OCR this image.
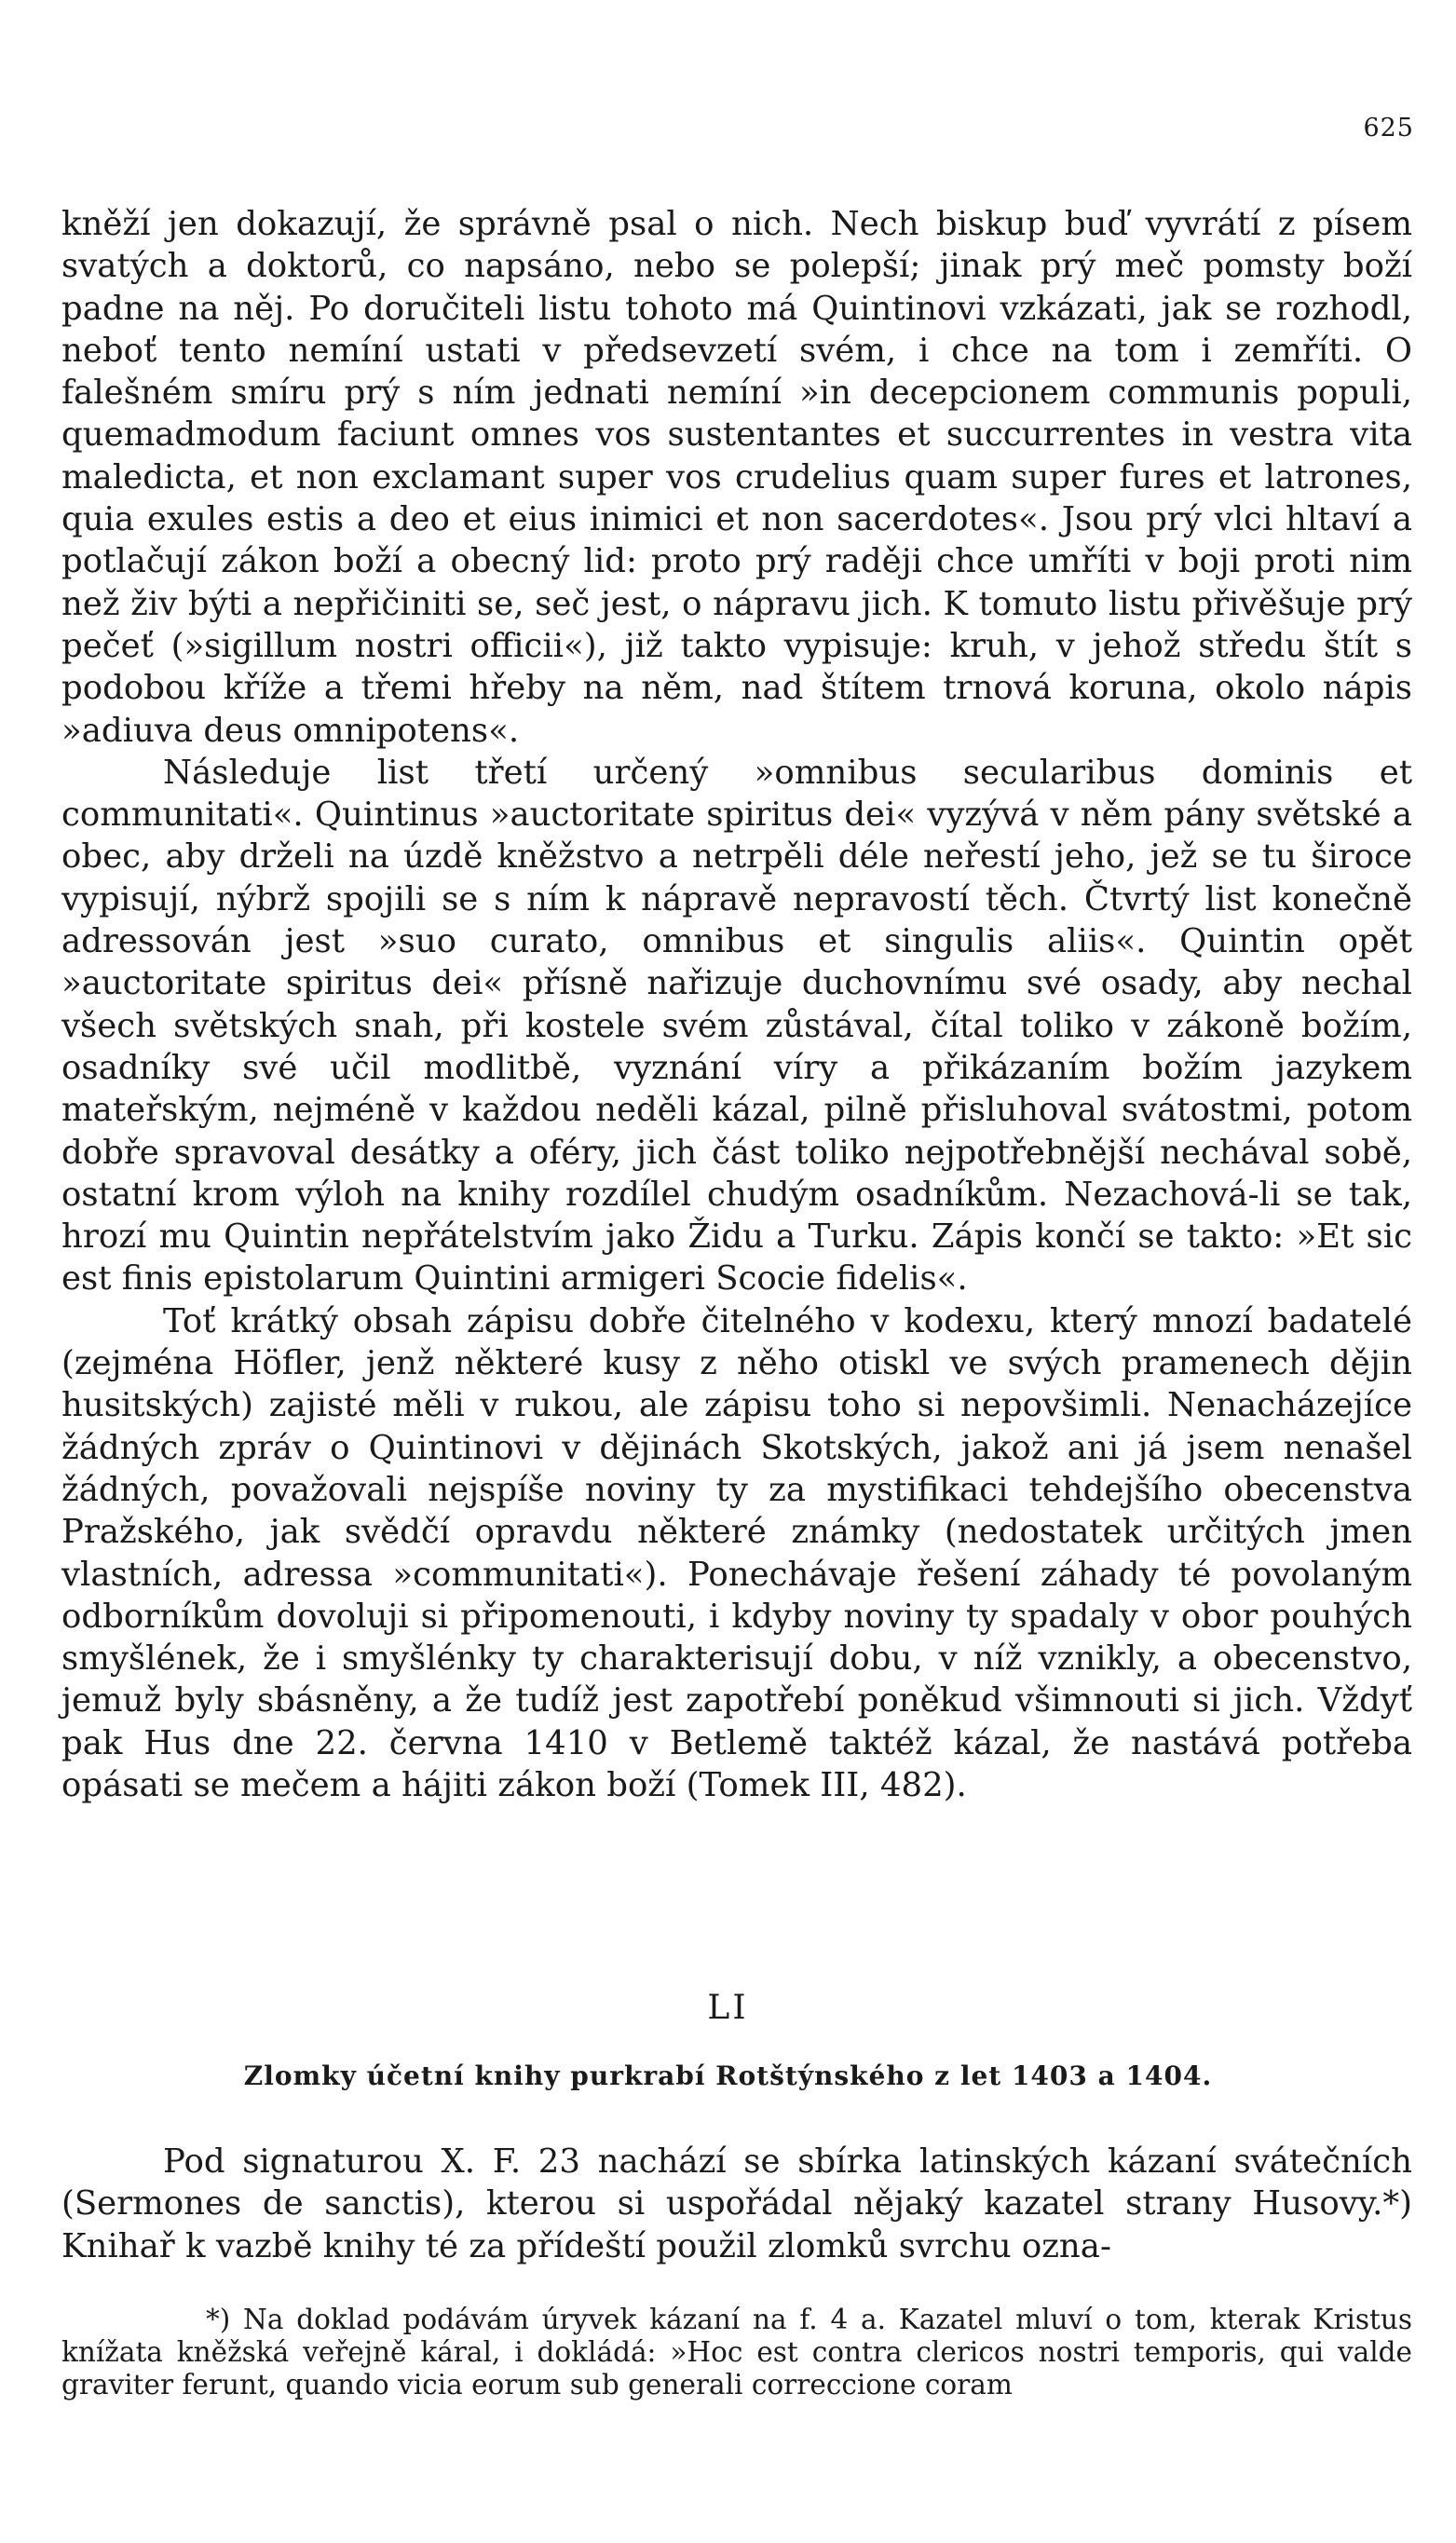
625

kněží jen dokazují, že správně psal o nich. Nech biskup buď vyvrátí z písem svatých a doktorů, co napsáno, nebo se polepší; jinak prý meč pomsty boží padne na něj. Po doručiteli listu tohoto má Quintinovi vzkázati, jak se rozhodl, neboť tento nemíní ustati v předsevzetí svém, i chce na tom i zemříti. O falešném smíru prý s ním jednati nemíní »in decepcionem communis populi, quemadmodum faciunt omnes vos sustentantes et succurrentes in vestra vita maledicta, et non exclamant super vos crudelius quam super fures et latrones, quia exules estis a deo et eius inimici et non sacerdotes«. Jsou prý vlci hltaví a potlačují zákon boží a obecný lid: proto prý raději chce umříti v boji proti nim než živ býti a nepřičiniti se, seč jest, o nápravu jich. K tomuto listu přivěšuje prý pečeť (»sigillum nostri officii«), již takto vypisuje: kruh, v jehož středu štít s podobou kříže a třemi hřeby na něm, nad štítem trnová koruna, okolo nápis »adiuva deus omnipotens«.

Následuje list třetí určený »omnibus secularibus dominis et communitati«. Quintinus »auctoritate spiritus dei« vyzývá v něm pány světské a obec, aby drželi na úzdě kněžstvo a netrpěli déle neřestí jeho, jež se tu široce vypisují, nýbrž spojili se s ním k nápravě nepravostí těch. Čtvrtý list konečně adressován jest »suo curato, omnibus et singulis aliis«. Quintin opět »auctoritate spiritus dei« přísně nařizuje duchovnímu své osady, aby nechal všech světských snah, při kostele svém zůstával, čítal toliko v zákoně božím, osadníky své učil modlitbě, vyznání víry a přikázaním božím jazykem mateřským, nejméně v každou neděli kázal, pilně přisluhoval svátostmi, potom dobře spravoval desátky a oféry, jich část toliko nejpotřebnější nechával sobě, ostatní krom výloh na knihy rozdílel chudým osadníkům. Nezachová-li se tak, hrozí mu Quintin nepřátelstvím jako Židu a Turku. Zápis končí se takto: »Et sic est finis epistolarum Quintini armigeri Scocie fidelis«.

Toť krátký obsah zápisu dobře čitelného v kodexu, který mnozí badatelé (zejména Höfler, jenž některé kusy z něho otiskl ve svých pramenech dějin husitských) zajisté měli v rukou, ale zápisu toho si nepovšimli. Nenacházejíce žádných zpráv o Quintinovi v dějinách Skotských, jakož ani já jsem nenašel žádných, považovali nejspíše noviny ty za mystifikaci tehdejšího obecenstva Pražského, jak svědčí opravdu některé známky (nedostatek určitých jmen vlastních, adressa »communitati«). Ponechávaje řešení záhady té povolaným odborníkům dovoluji si připomenouti, i kdyby noviny ty spadaly v obor pouhých smyšlének, že i smyšlénky ty charakterisují dobu, v níž vznikly, a obecenstvo, jemuž byly sbásněny, a že tudíž jest zapotřebí poněkud všimnouti si jich. Vždyť pak Hus dne 22. června 1410 v Betlemě taktéž kázal, že nastává potřeba opásati se mečem a hájiti zákon boží (Tomek III, 482).

LI
Zlomky účetní knihy purkrabí Rotštýnského z let 1403 a 1404.

Pod signaturou X. F. 23 nachází se sbírka latinských kázaní svátečních (Sermones de sanctis), kterou si uspořádal nějaký kazatel strany Husovy.*) Knihař k vazbě knihy té za přídeští použil zlomků svrchu ozna-

*) Na doklad podávám úryvek kázaní na f. 4 a. Kazatel mluví o tom, kterak Kristus knížata kněžská veřejně káral, i dokládá: »Hoc est contra clericos nostri temporis, qui valde graviter ferunt, quando vicia eorum sub generali correccione coram
